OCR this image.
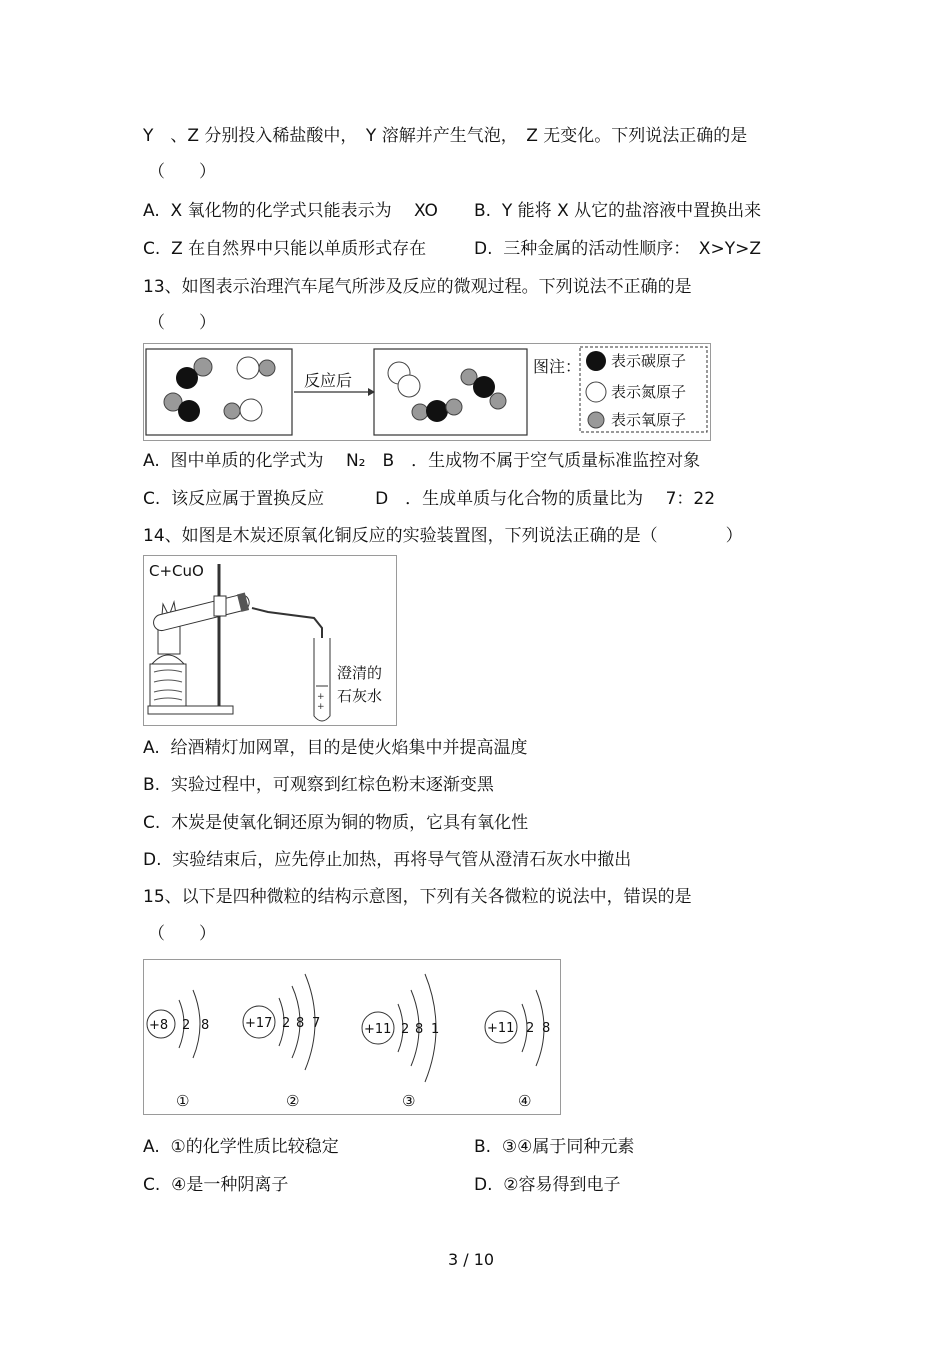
Y　、Z 分别投入稀盐酸中，　Y 溶解并产生气泡，　Z 无变化。下列说法正确的是
（　　）
A.  X 氧化物的化学式只能表示为　 XO B.  Y 能将 X 从它的盐溶液中置换出来
C.  Z 在自然界中只能以单质形式存在	D.  三种金属的活动性顺序：　X>Y>Z
13、如图表示治理汽车尾气所涉及反应的微观过程。下列说法不正确的是
（　　）
反应后
图注： 表示碳原子
表示氮原子
表示氧原子
A.  图中单质的化学式为　 N₂　B　．生成物不属于空气质量标准监控对象
C.  该反应属于置换反应　　　D　．生成单质与化合物的质量比为　 7：22
14、如图是木炭还原氧化铜反应的实验装置图，下列说法正确的是（　　　　）
C+CuO
+
+
澄清的
石灰水
A.  给酒精灯加网罩，目的是使火焰集中并提高温度
B.  实验过程中，可观察到红棕色粉末逐渐变黑
C.  木炭是使氧化铜还原为铜的物质，它具有氧化性
D.  实验结束后，应先停止加热，再将导气管从澄清石灰水中撤出
15、以下是四种微粒的结构示意图，下列有关各微粒的说法中，错误的是
（　　）
+8 2 8
①
+17 2 8 7
②
+11 2 8 1
③
+11 2 8
④
A.  ①的化学性质比较稳定	B.  ③④属于同种元素
C.  ④是一种阴离子	D.  ②容易得到电子
3 / 10
